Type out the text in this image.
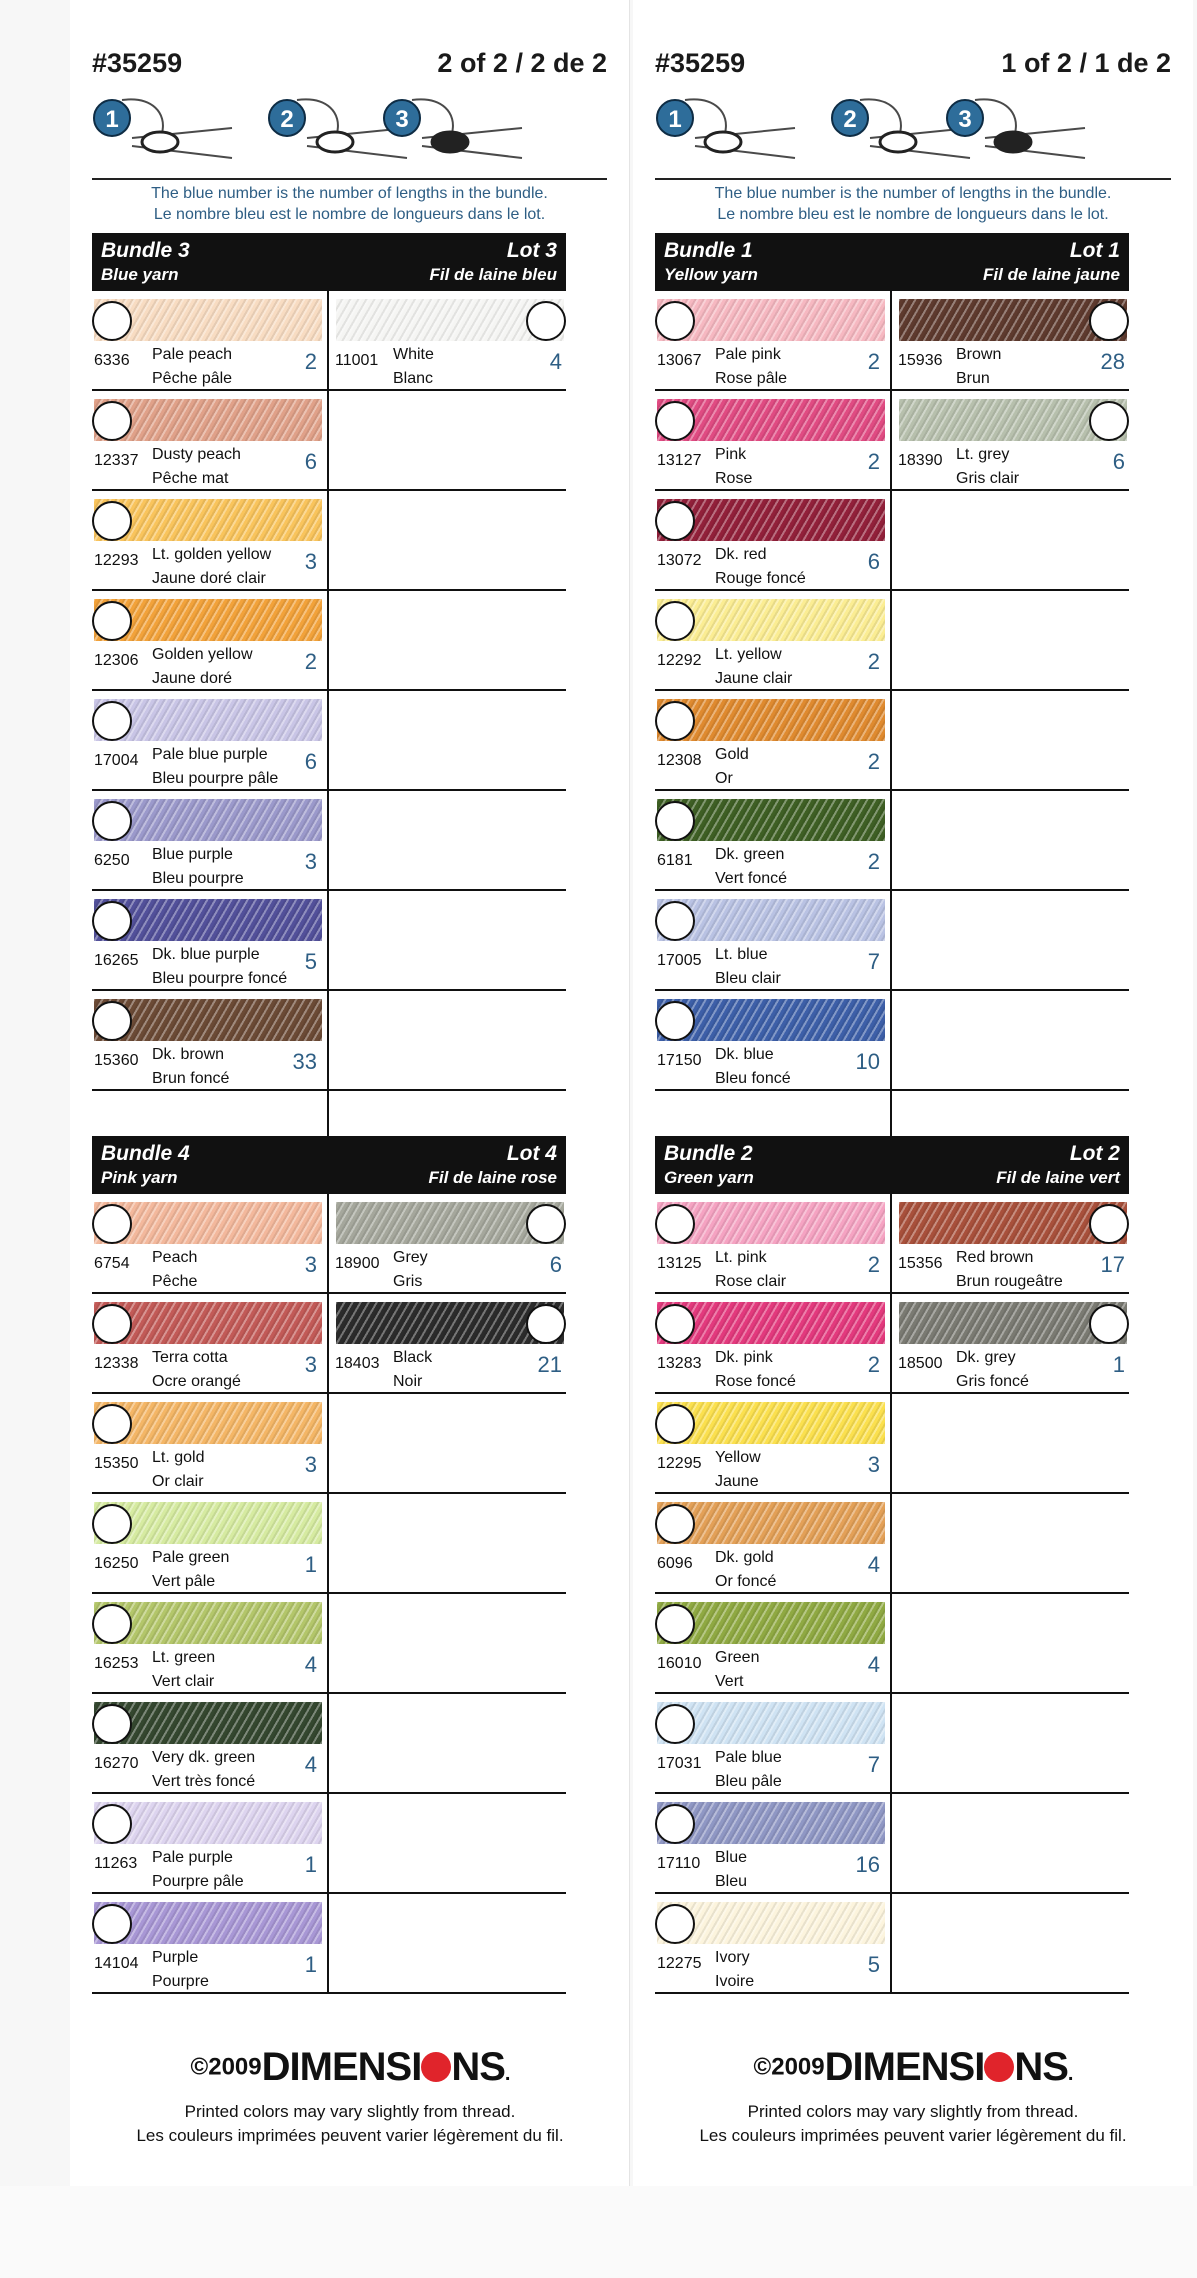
#35259	2 of 2 / 2 de 2
1	2	3
The blue number is the number of lengths in the bundle.
Le nombre bleu est le nombre de longueurs dans le lot.
Bundle 3
Blue yarn
Lot 3
Fil de laine bleu
6336 Pale peach
Pêche pâle
2
12337 Dusty peach
Pêche mat
6
12293 Lt. golden yellow
Jaune doré clair
3
12306 Golden yellow
Jaune doré
2
17004 Pale blue purple
Bleu pourpre pâle
6
6250 Blue purple
Bleu pourpre
3
16265 Dk. blue purple
Bleu pourpre foncé
5
15360 Dk. brown
Brun foncé
33
11001 White
Blanc
4
Bundle 4
Pink yarn
Lot 4
Fil de laine rose
6754 Peach
Pêche
3
12338 Terra cotta
Ocre orangé
3
15350 Lt. gold
Or clair
3
16250 Pale green
Vert pâle
1
16253 Lt. green
Vert clair
4
16270 Very dk. green
Vert très foncé
4
11263 Pale purple
Pourpre pâle
1
14104 Purple
Pourpre
1
18900 Grey
Gris
6
18403 Black
Noir
21
©2009DIMENSI NS.
Printed colors may vary slightly from thread.
Les couleurs imprimées peuvent varier légèrement du fil.
#35259	1 of 2 / 1 de 2
1	2	3
The blue number is the number of lengths in the bundle.
Le nombre bleu est le nombre de longueurs dans le lot.
Bundle 1
Yellow yarn
Lot 1
Fil de laine jaune
13067 Pale pink
Rose pâle
2
13127 Pink
Rose
2
13072 Dk. red
Rouge foncé
6
12292 Lt. yellow
Jaune clair
2
12308 Gold
Or
2
6181 Dk. green
Vert foncé
2
17005 Lt. blue
Bleu clair
7
17150 Dk. blue
Bleu foncé
10
15936 Brown
Brun
28
18390 Lt. grey
Gris clair
6
Bundle 2
Green yarn
Lot 2
Fil de laine vert
13125 Lt. pink
Rose clair
2
13283 Dk. pink
Rose foncé
2
12295 Yellow
Jaune
3
6096 Dk. gold
Or foncé
4
16010 Green
Vert
4
17031 Pale blue
Bleu pâle
7
17110 Blue
Bleu
16
12275 Ivory
Ivoire
5
15356 Red brown
Brun rougeâtre
17
18500 Dk. grey
Gris foncé
1
©2009DIMENSI NS.
Printed colors may vary slightly from thread.
Les couleurs imprimées peuvent varier légèrement du fil.
